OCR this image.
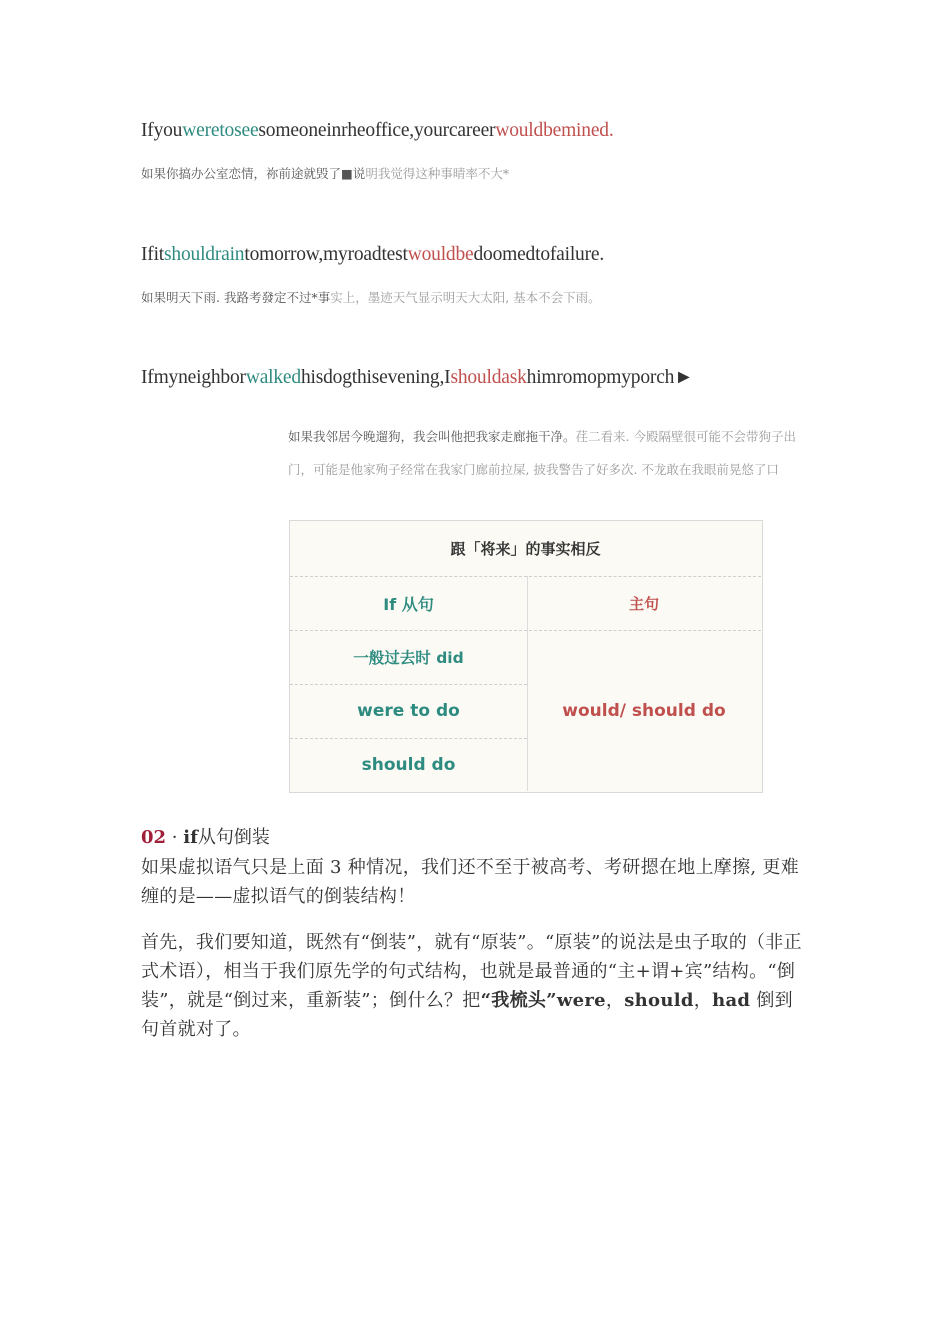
Ifyouweretoseesomeoneinrheoffice,yourcareerwouldbemined.
如果你搞办公室恋情，祢前途就毁了■说明我觉得这种事晴率不大*
Ifitshouldraintomorrow,myroadtestwouldbedoomedtofailure.
如果明天下雨. 我路考發定不过*事实上，墨迹天气显示明天大太阳, 基本不会下雨。
Ifmyneighborwalkedhisdogthisevening,Ishouldaskhimromopmyporch►
如果我邻居今晚遛狗，我会叫他把我家走廊拖干净。荏二看来. 今殿隔壁很可能不会带狗子出门，可能是他家殉子经常在我家门廊前拉屎, 披我警告了好多次. 不龙敢在我眼前晃悠了口
跟「将来」的事实相反
If 从句	主句
一般过去时 did
were to do
should do
would/ should do
02 · if从句倒装
如果虚拟语气只是上面 3 种情况，我们还不至于被高考、考研摁在地上摩擦, 更难缠的是——虚拟语气的倒装结构！
首先，我们要知道，既然有“倒装”，就有“原装”。“原装”的说法是虫子取的（非正式术语），相当于我们原先学的句式结构，也就是最普通的“主+谓+宾”结构。“倒装”，就是“倒过来，重新装”；倒什么？把“我梳头”were，should，had 倒到句首就对了。
